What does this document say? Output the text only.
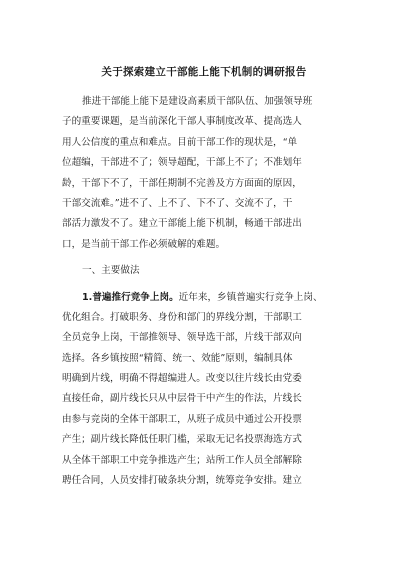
关于探索建立干部能上能下机制的调研报告
推进干部能上能下是建设高素质干部队伍、加强领导班
子的重要课题，是当前深化干部人事制度改革、提高选人
用人公信度的重点和难点。目前干部工作的现状是，“单
位超编，干部进不了；领导超配，干部上不了；不准划年
龄，干部下不了，干部任期制不完善及方方面面的原因，
干部交流难。”进不了、上不了、下不了、交流不了，干
部活力激发不了。建立干部能上能下机制，畅通干部进出
口，是当前干部工作必须破解的难题。
一、主要做法
1.普遍推行竞争上岗。近年来，乡镇普遍实行竞争上岗、
优化组合。打破职务、身份和部门的界线分割，干部职工
全员竞争上岗，干部推领导、领导选干部，片线干部双向
选择。各乡镇按照“精简、统一、效能”原则，编制具体
明确到片线，明确不得超编进人。改变以往片线长由党委
直接任命，副片线长只从中层骨干中产生的作法，片线长
由参与竞岗的全体干部职工，从班子成员中通过公开投票
产生；副片线长降低任职门槛，采取无记名投票海选方式
从全体干部职工中竞争推选产生；站所工作人员全部解除
聘任合同，人员安排打破条块分割，统筹竞争安排。建立
